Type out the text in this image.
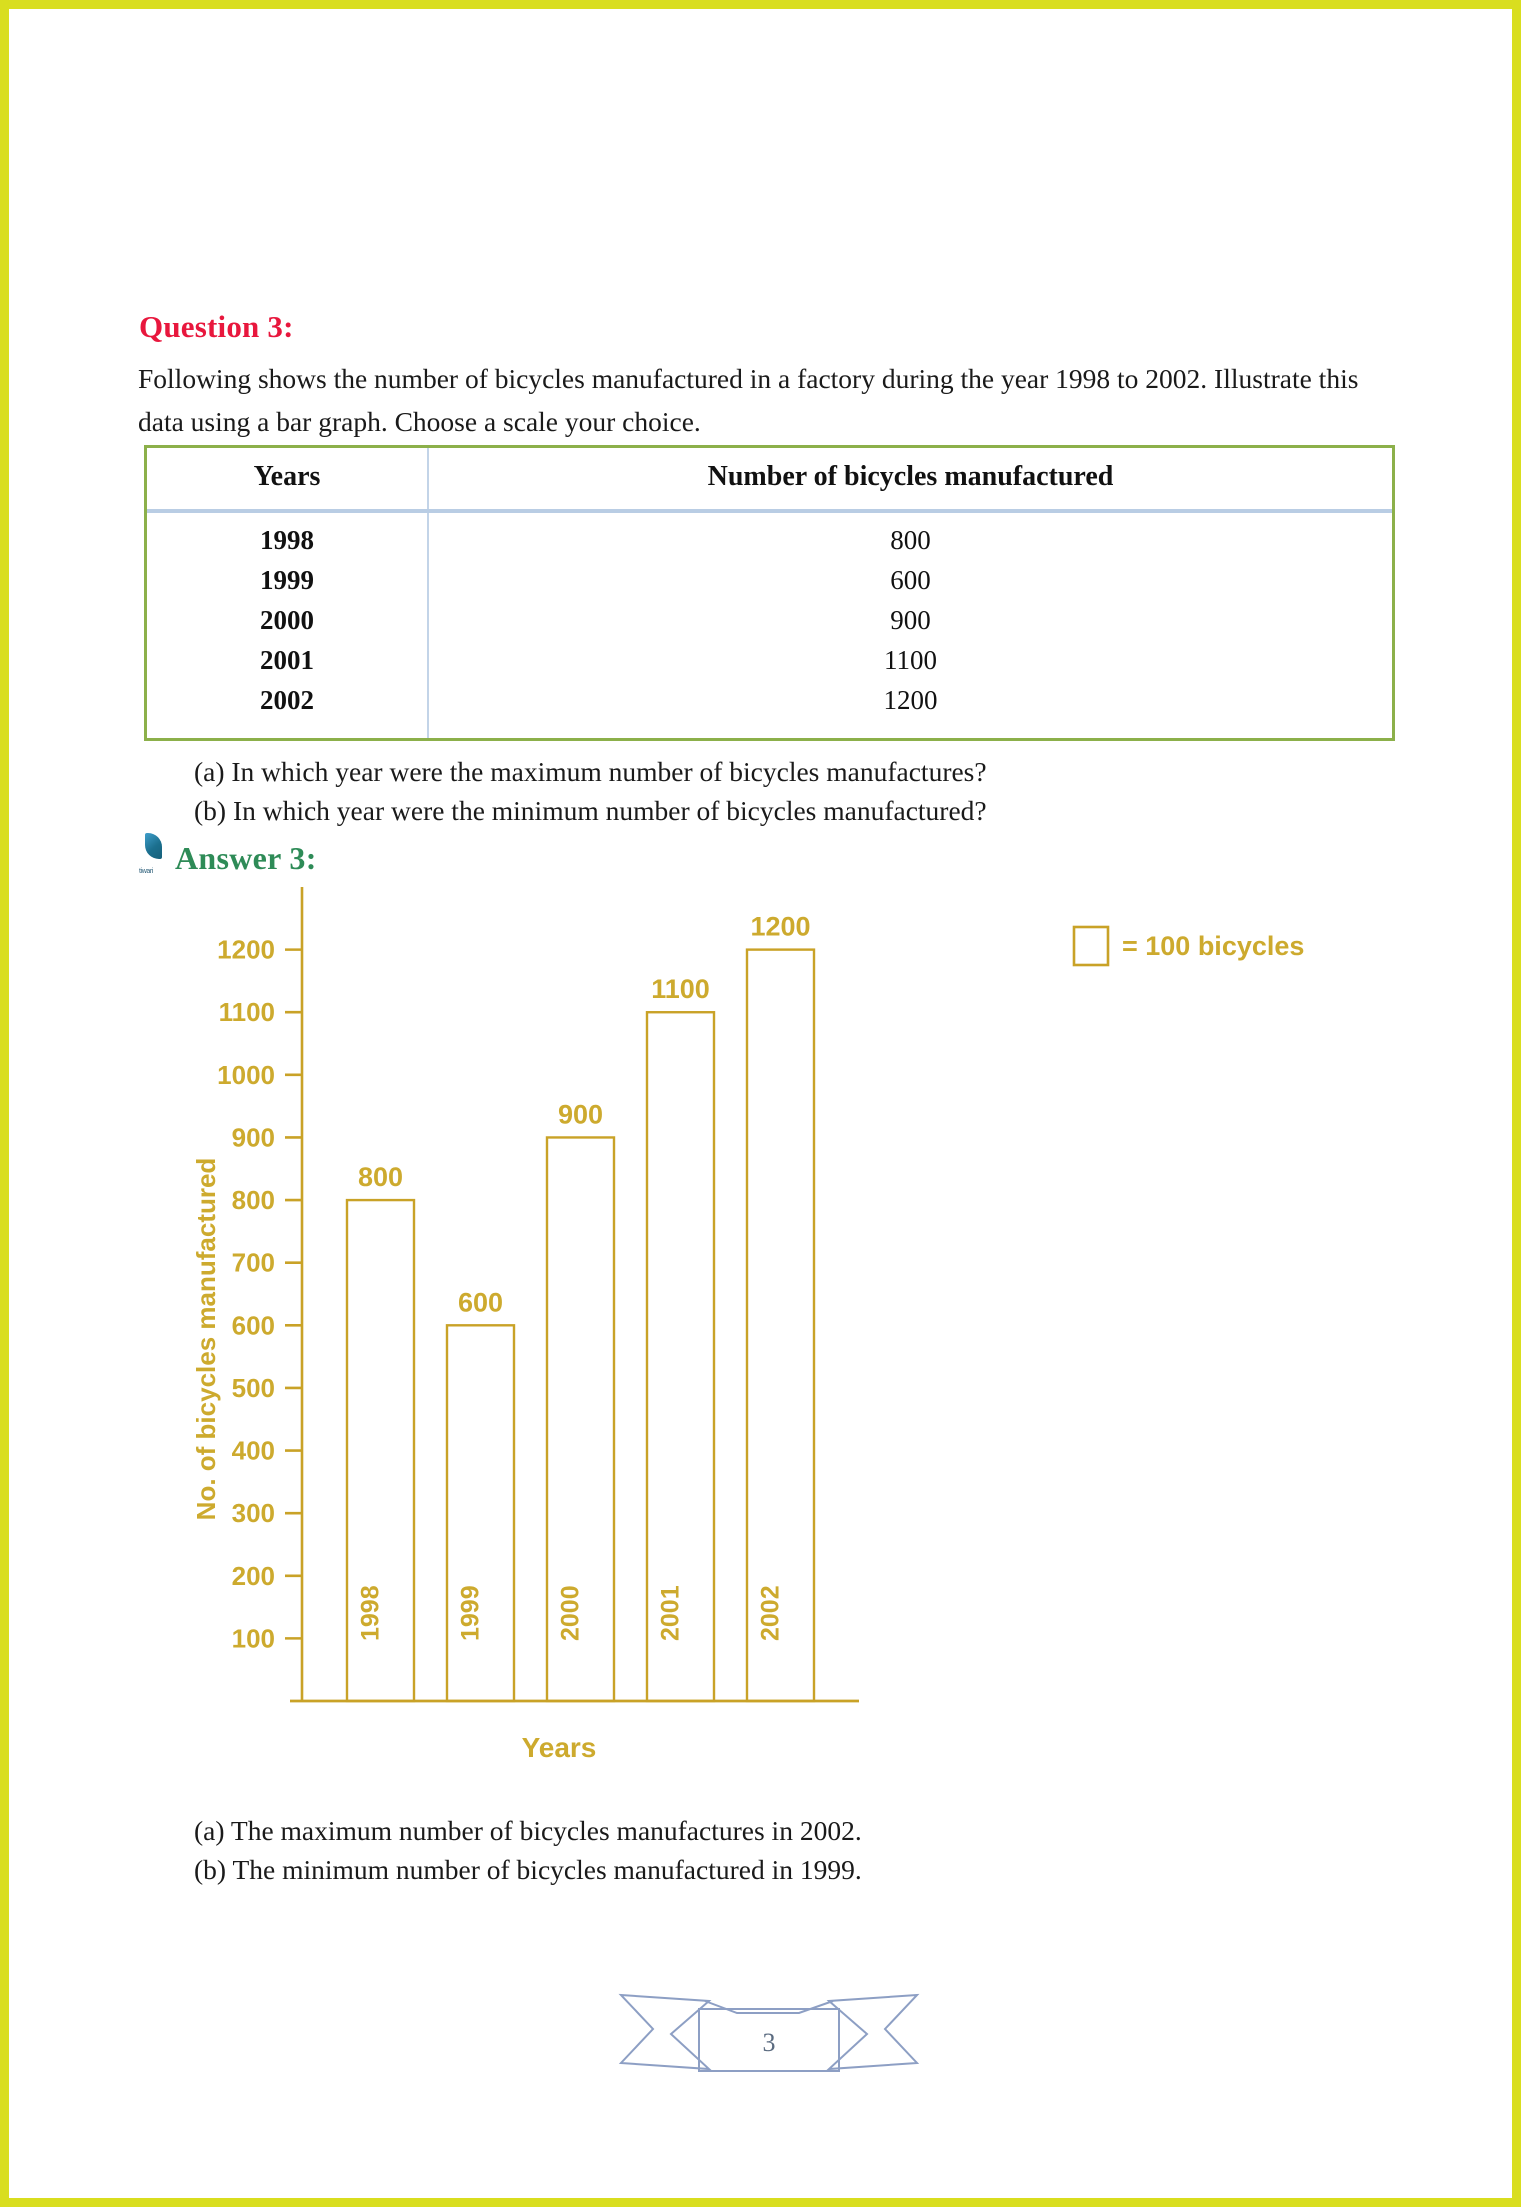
Question 3:
Following shows the number of bicycles manufactured in a factory during the year 1998 to 2002. Illustrate this data using a bar graph. Choose a scale your choice.
Years	Number of bicycles manufactured
1998	800
1999	600
2000	900
2001	1100
2002	1200
(a) In which year were the maximum number of bicycles manufactures?
(b) In which year were the minimum number of bicycles manufactured?
tiwari Answer 3:
100
200
300
400
500
600
700
800
900
1000
1100
1200
No. of bicycles manufactured	800
1998
600
1999
900
2000
1100
2001
1200
2002
Years
= 100 bicycles
(a) The maximum number of bicycles manufactures in 2002.
(b) The minimum number of bicycles manufactured in 1999.
3
